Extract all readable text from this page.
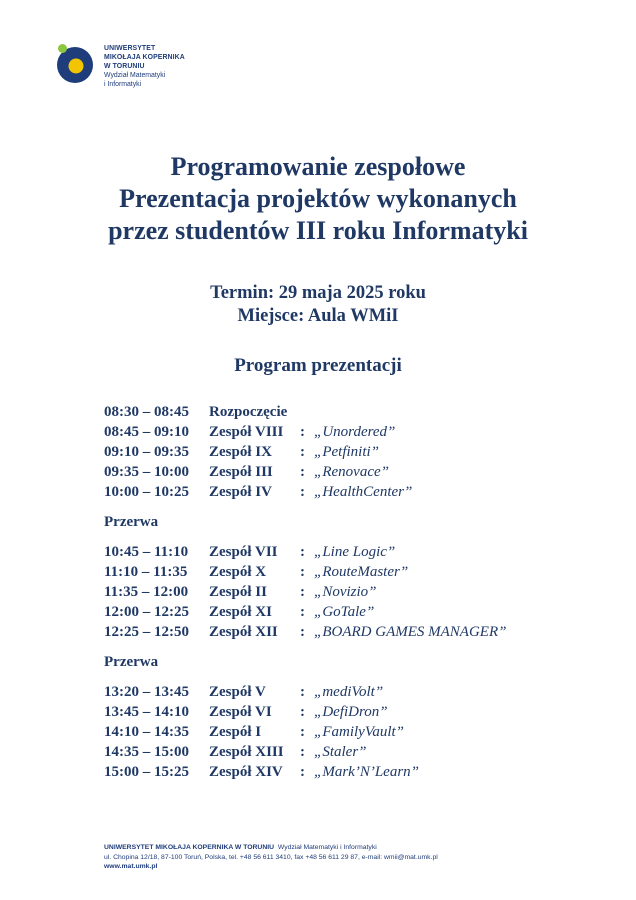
UNIWERSYTET
MIKOŁAJA KOPERNIKA
W TORUNIU
Wydział Matematyki
i Informatyki
Programowanie zespołowe
Prezentacja projektów wykonanych
przez studentów III roku Informatyki
Termin: 29 maja 2025 roku
Miejsce: Aula WMiI
Program prezentacji
08:30 – 08:45 Rozpoczęcie
08:45 – 09:10 Zespół VIII : „Unordered”
09:10 – 09:35 Zespół IX : „Petfiniti”
09:35 – 10:00 Zespół III : „Renovace”
10:00 – 10:25 Zespół IV : „HealthCenter”
Przerwa
10:45 – 11:10 Zespół VII : „Line Logic”
11:10 – 11:35 Zespół X : „RouteMaster”
11:35 – 12:00 Zespół II : „Novizio”
12:00 – 12:25 Zespół XI : „GoTale”
12:25 – 12:50 Zespół XII : „BOARD GAMES MANAGER”
Przerwa
13:20 – 13:45 Zespół V : „mediVolt”
13:45 – 14:10 Zespół VI : „DefiDron”
14:10 – 14:35 Zespół I	: „FamilyVault”
14:35 – 15:00 Zespół XIII : „Staler”
15:00 – 15:25 Zespół XIV : „Mark’N’Learn”
UNIWERSYTET MIKOŁAJA KOPERNIKA W TORUNIU Wydział Matematyki i Informatyki
ul. Chopina 12/18, 87-100 Toruń, Polska, tel. +48 56 611 3410, fax +48 56 611 29 87, e-mail: wmii@mat.umk.pl
www.mat.umk.pl
